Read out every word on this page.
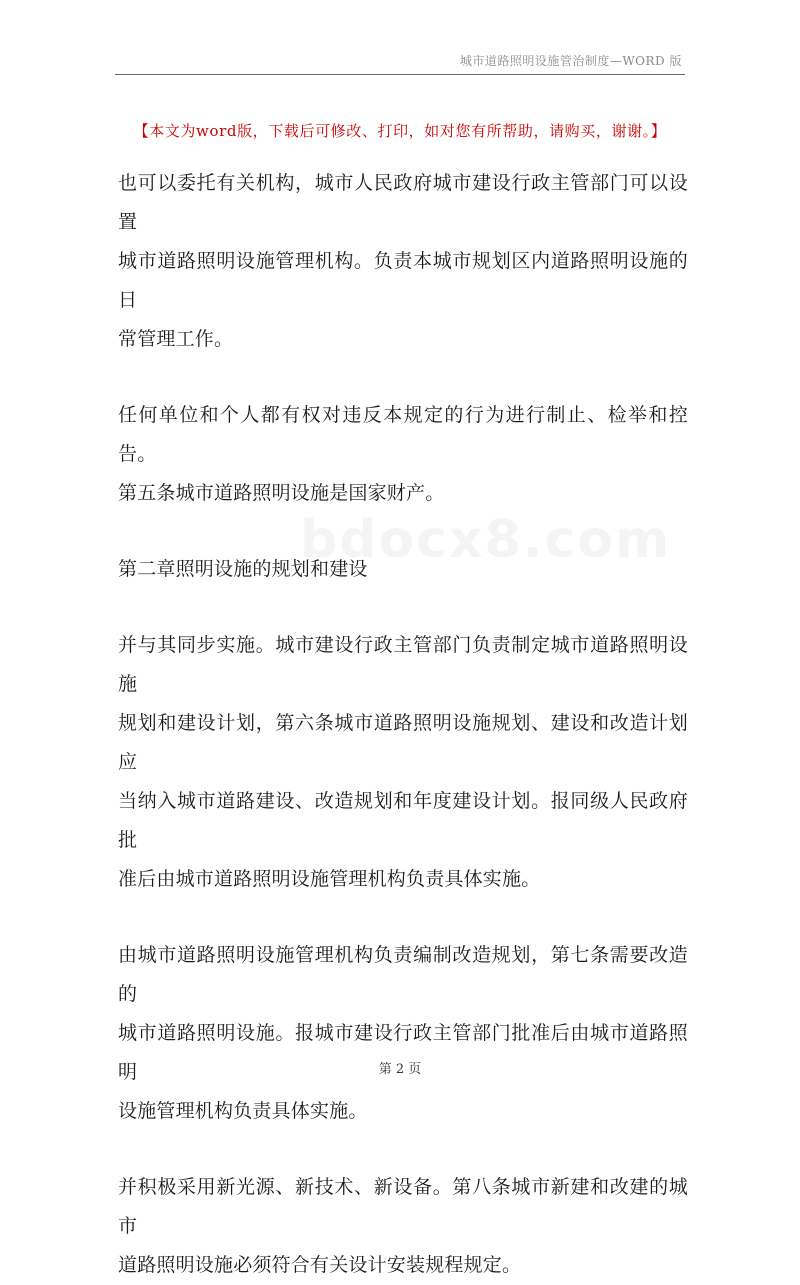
城市道路照明设施管治制度—WORD 版
【本文为word版，下载后可修改、打印，如对您有所帮助，请购买，谢谢。】

也可以委托有关机构，城市人民政府城市建设行政主管部门可以设置
城市道路照明设施管理机构。负责本城市规划区内道路照明设施的日
常管理工作。

任何单位和个人都有权对违反本规定的行为进行制止、检举和控告。
第五条城市道路照明设施是国家财产。

第二章照明设施的规划和建设

并与其同步实施。城市建设行政主管部门负责制定城市道路照明设施
规划和建设计划，第六条城市道路照明设施规划、建设和改造计划应
当纳入城市道路建设、改造规划和年度建设计划。报同级人民政府批
准后由城市道路照明设施管理机构负责具体实施。

由城市道路照明设施管理机构负责编制改造规划，第七条需要改造的
城市道路照明设施。报城市建设行政主管部门批准后由城市道路照明
设施管理机构负责具体实施。

并积极采用新光源、新技术、新设备。第八条城市新建和改建的城市
道路照明设施必须符合有关设计安装规程规定。

第 2 页
